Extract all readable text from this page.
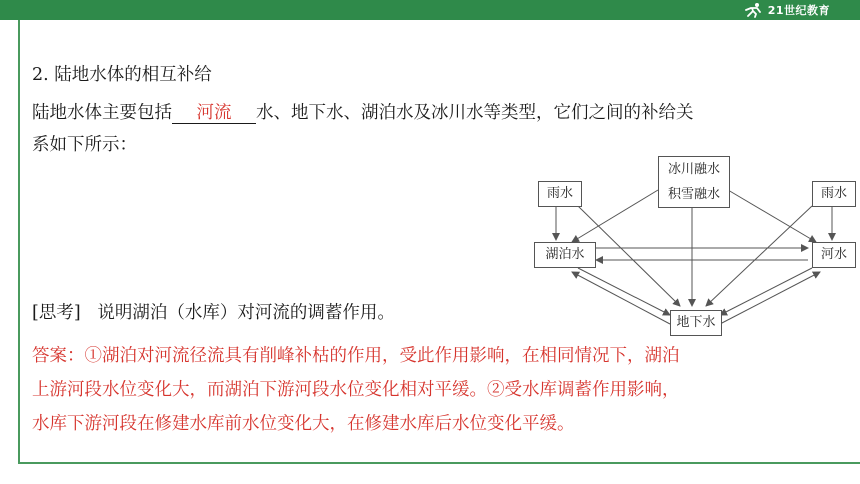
21世纪教育
2. 陆地水体的相互补给
陆地水体主要包括 河流 水、地下水、湖泊水及冰川水等类型，它们之间的补给关
系如下所示：
冰川融水
积雪融水
雨水	雨水
湖泊水	河水
地下水
[思考] 说明湖泊（水库）对河流的调蓄作用。
答案：①湖泊对河流径流具有削峰补枯的作用，受此作用影响，在相同情况下，湖泊
上游河段水位变化大，而湖泊下游河段水位变化相对平缓。②受水库调蓄作用影响，
水库下游河段在修建水库前水位变化大，在修建水库后水位变化平缓。
